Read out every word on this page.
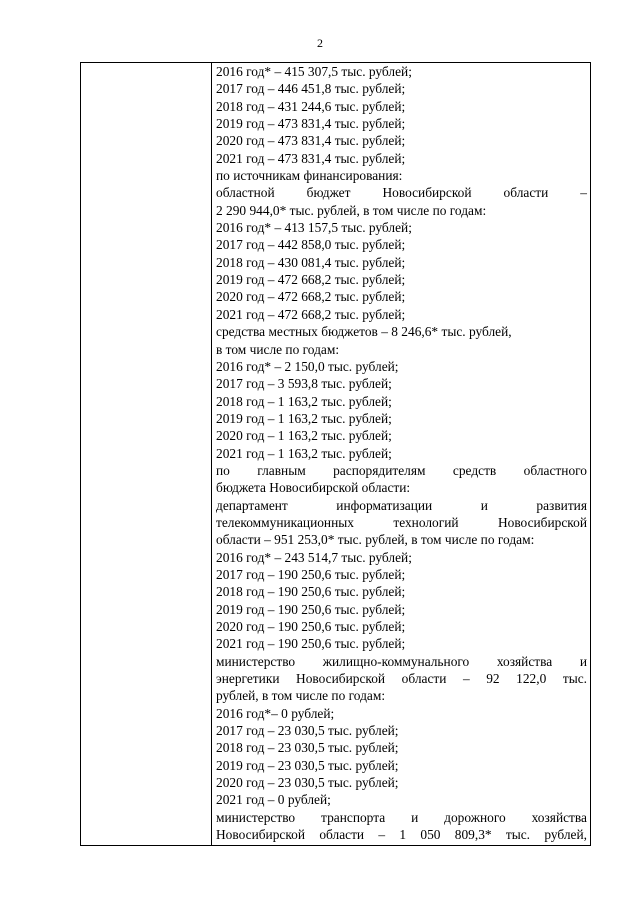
2

2016 год* – 415 307,5 тыс. рублей;
2017 год – 446 451,8 тыс. рублей;
2018 год – 431 244,6 тыс. рублей;
2019 год – 473 831,4 тыс. рублей;
2020 год – 473 831,4 тыс. рублей;
2021 год – 473 831,4 тыс. рублей;
по источникам финансирования:
областной бюджет Новосибирской области –
2 290 944,0* тыс. рублей, в том числе по годам:
2016 год* – 413 157,5 тыс. рублей;
2017 год – 442 858,0 тыс. рублей;
2018 год – 430 081,4 тыс. рублей;
2019 год – 472 668,2 тыс. рублей;
2020 год – 472 668,2 тыс. рублей;
2021 год – 472 668,2 тыс. рублей;
средства местных бюджетов – 8 246,6* тыс. рублей,
в том числе по годам:
2016 год* – 2 150,0 тыс. рублей;
2017 год – 3 593,8 тыс. рублей;
2018 год – 1 163,2 тыс. рублей;
2019 год – 1 163,2 тыс. рублей;
2020 год – 1 163,2 тыс. рублей;
2021 год – 1 163,2 тыс. рублей;
по главным распорядителям средств областного
бюджета Новосибирской области:
департамент информатизации и развития
телекоммуникационных технологий Новосибирской
области – 951 253,0* тыс. рублей, в том числе по годам:
2016 год* – 243 514,7 тыс. рублей;
2017 год – 190 250,6 тыс. рублей;
2018 год – 190 250,6 тыс. рублей;
2019 год – 190 250,6 тыс. рублей;
2020 год – 190 250,6 тыс. рублей;
2021 год – 190 250,6 тыс. рублей;
министерство жилищно-коммунального хозяйства и
энергетики Новосибирской области – 92 122,0 тыс.
рублей, в том числе по годам:
2016 год*– 0 рублей;
2017 год – 23 030,5 тыс. рублей;
2018 год – 23 030,5 тыс. рублей;
2019 год – 23 030,5 тыс. рублей;
2020 год – 23 030,5 тыс. рублей;
2021 год – 0 рублей;
министерство транспорта и дорожного хозяйства
Новосибирской области – 1 050 809,3* тыс. рублей,
